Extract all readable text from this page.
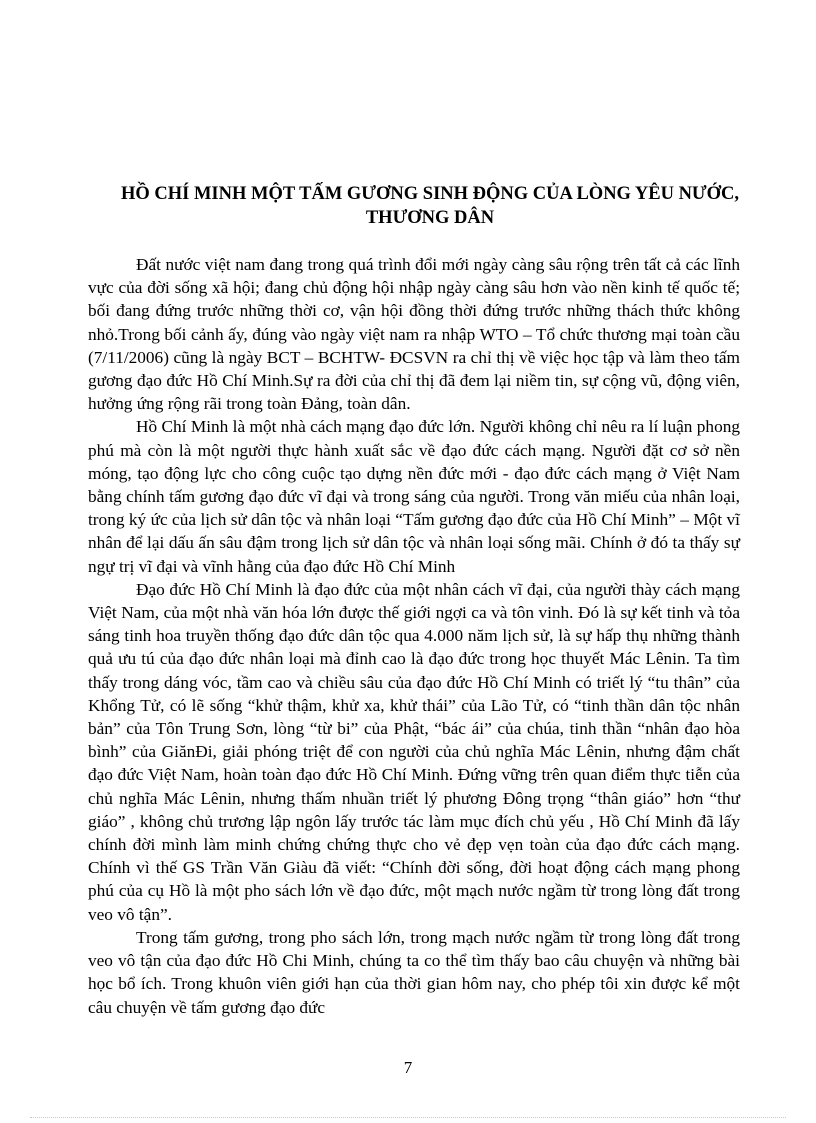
HỒ CHÍ MINH MỘT TẤM GƯƠNG SINH ĐỘNG CỦA LÒNG YÊU NƯỚC, THƯƠNG DÂN

Đất nước việt nam đang trong quá trình đổi mới ngày càng sâu rộng trên tất cả các lĩnh vực của đời sống xã hội; đang chủ động hội nhập ngày càng sâu hơn vào nền kinh tế quốc tế; bối đang đứng trước những thời cơ, vận hội đồng thời đứng trước những thách thức không nhỏ.Trong bối cảnh ấy, đúng vào ngày việt nam ra nhập WTO – Tổ chức thương mại toàn cầu (7/11/2006) cũng là ngày BCT – BCHTW- ĐCSVN ra chỉ thị về việc học tập và làm theo tấm gương đạo đức Hồ Chí Minh.Sự ra đời của chỉ thị đã đem lại niềm tin, sự cộng vũ, động viên, hưởng ứng rộng rãi trong toàn Đảng, toàn dân.

Hồ Chí Minh là một nhà cách mạng đạo đức lớn. Người không chỉ nêu ra lí luận phong phú mà còn là một người thực hành xuất sắc về đạo đức cách mạng. Người đặt cơ sở nền móng, tạo động lực cho công cuộc tạo dựng nền đức mới - đạo đức cách mạng ở Việt Nam bằng chính tấm gương đạo đức vĩ đại và trong sáng của người. Trong văn miếu của nhân loại, trong ký ức của lịch sử dân tộc và nhân loại “Tấm gương đạo đức của Hồ Chí Minh” – Một vĩ nhân để lại dấu ấn sâu đậm trong lịch sử dân tộc và nhân loại sống mãi. Chính ở đó ta thấy sự ngự trị vĩ đại và vĩnh hằng của đạo đức Hồ Chí Minh

Đạo đức Hồ Chí Minh là đạo đức của một nhân cách vĩ đại, của người thày cách mạng Việt Nam, của một nhà văn hóa lớn được thế giới ngợi ca và tôn vinh. Đó là sự kết tinh và tỏa sáng tinh hoa truyền thống đạo đức dân tộc qua 4.000 năm lịch sử, là sự hấp thụ những thành quả ưu tú của đạo đức nhân loại mà đỉnh cao là đạo đức trong học thuyết Mác Lênin. Ta tìm thấy trong dáng vóc, tầm cao và chiều sâu của đạo đức Hồ Chí Minh có triết lý “tu thân” của Khổng Tử, có lẽ sống “khử thậm, khử xa, khử thái” của Lão Tử, có “tinh thần dân tộc nhân bản” của Tôn Trung Sơn, lòng “từ bi” của Phật, “bác ái” của chúa, tinh thần “nhân đạo hòa bình” của GiănĐi, giải phóng triệt để con người của chủ nghĩa Mác Lênin, nhưng đậm chất đạo đức Việt Nam, hoàn toàn đạo đức Hồ Chí Minh. Đứng vững trên quan điểm thực tiễn của chủ nghĩa Mác Lênin, nhưng thấm nhuần triết lý phương Đông trọng “thân giáo” hơn “thư giáo” , không chủ trương lập ngôn lấy trước tác làm mục đích chủ yếu , Hồ Chí Minh đã lấy chính đời mình làm minh chứng chứng thực cho vẻ đẹp vẹn toàn của đạo đức cách mạng. Chính vì thế GS Trần Văn Giàu đã viết: “Chính đời sống, đời hoạt động cách mạng phong phú của cụ Hồ là một pho sách lớn về đạo đức, một mạch nước ngầm từ trong lòng đất trong veo vô tận”.

Trong tấm gương, trong pho sách lớn, trong mạch nước ngầm từ trong lòng đất trong veo vô tận của đạo đức Hồ Chi Minh, chúng ta co thể tìm thấy bao câu chuyện và những bài học bổ ích. Trong khuôn viên giới hạn của thời gian hôm nay, cho phép tôi xin được kể một câu chuyện về tấm gương đạo đức

7
